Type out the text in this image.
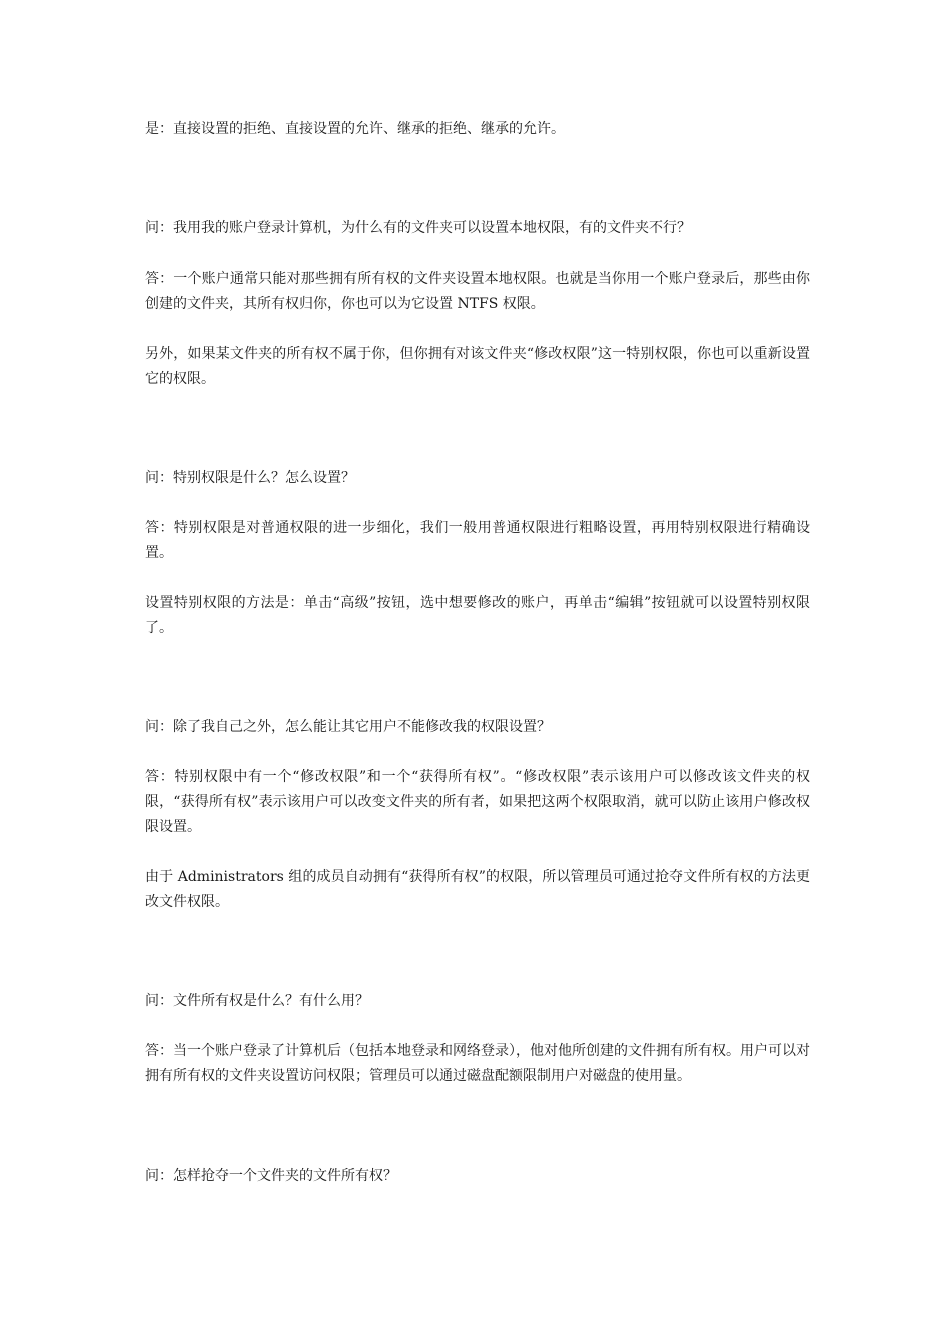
是：直接设置的拒绝、直接设置的允许、继承的拒绝、继承的允许。

问：我用我的账户登录计算机，为什么有的文件夹可以设置本地权限，有的文件夹不行？

答：一个账户通常只能对那些拥有所有权的文件夹设置本地权限。也就是当你用一个账户登录后，那些由你创建的文件夹，其所有权归你，你也可以为它设置 NTFS 权限。

另外，如果某文件夹的所有权不属于你，但你拥有对该文件夹“修改权限”这一特别权限，你也可以重新设置它的权限。

问：特别权限是什么？怎么设置？

答：特别权限是对普通权限的进一步细化，我们一般用普通权限进行粗略设置，再用特别权限进行精确设置。

设置特别权限的方法是：单击“高级”按钮，选中想要修改的账户，再单击“编辑”按钮就可以设置特别权限了。

问：除了我自己之外，怎么能让其它用户不能修改我的权限设置？

答：特别权限中有一个“修改权限”和一个“获得所有权”。“修改权限”表示该用户可以修改该文件夹的权限，“获得所有权”表示该用户可以改变文件夹的所有者，如果把这两个权限取消，就可以防止该用户修改权限设置。

由于 Administrators 组的成员自动拥有“获得所有权”的权限，所以管理员可通过抢夺文件所有权的方法更改文件权限。

问：文件所有权是什么？有什么用？

答：当一个账户登录了计算机后（包括本地登录和网络登录），他对他所创建的文件拥有所有权。用户可以对拥有所有权的文件夹设置访问权限；管理员可以通过磁盘配额限制用户对磁盘的使用量。

问：怎样抢夺一个文件夹的文件所有权？
